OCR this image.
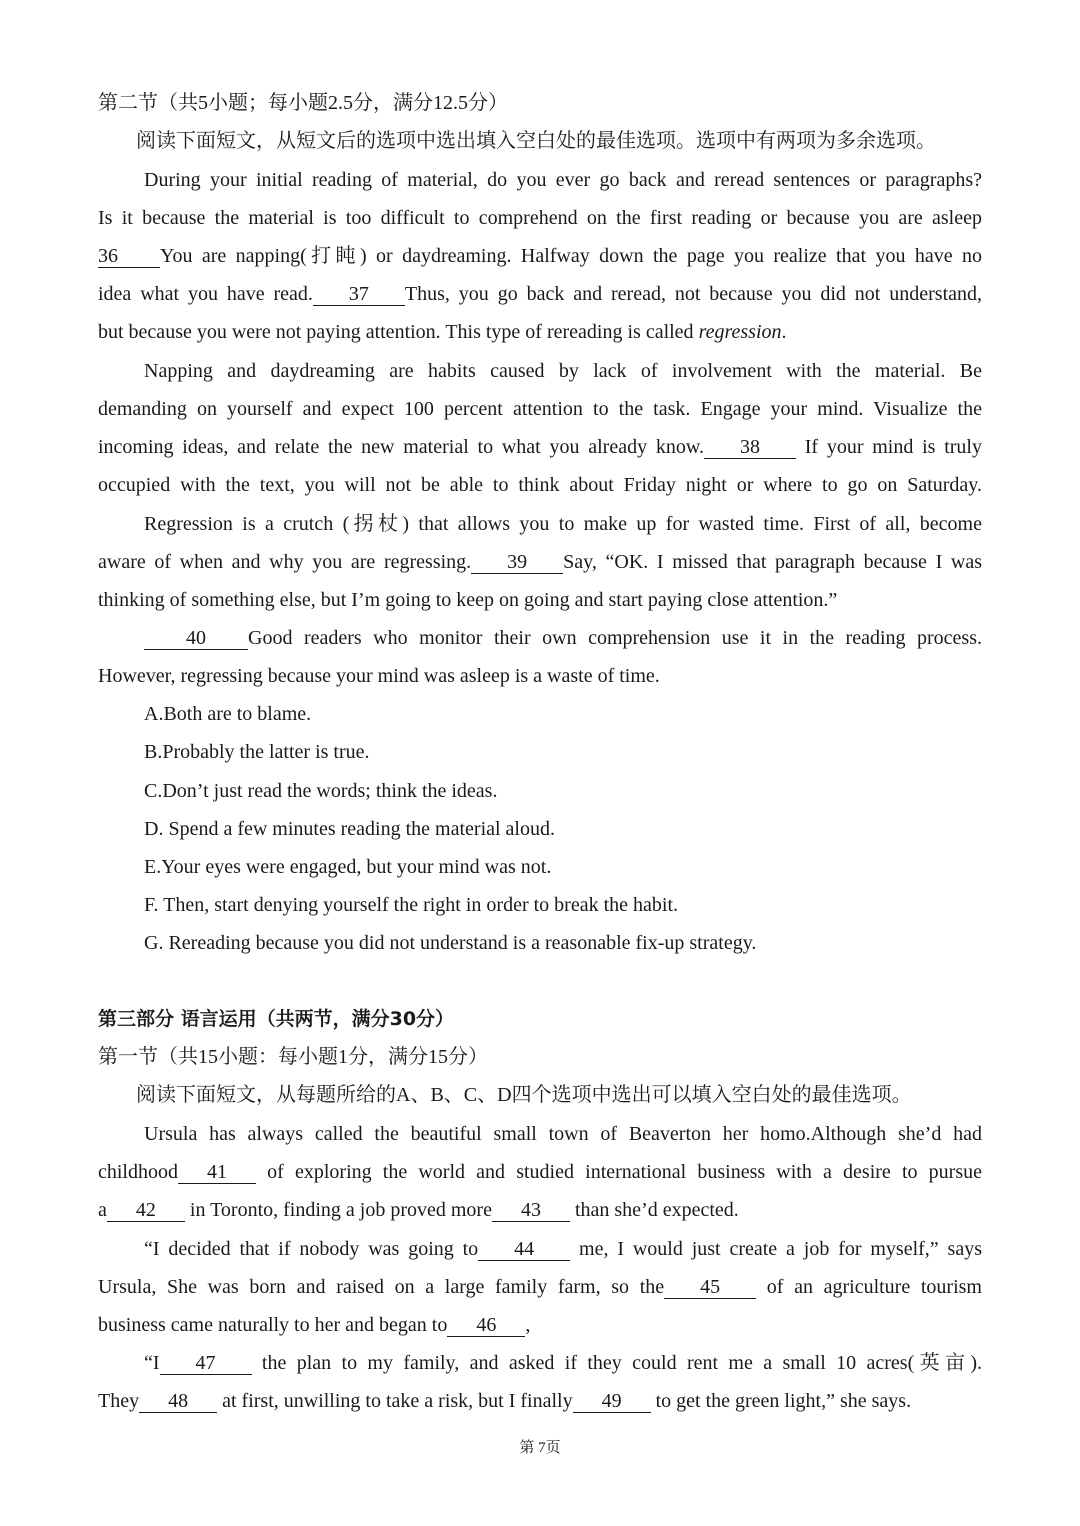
第二节（共5小题；每小题2.5分，满分12.5分）
阅读下面短文，从短文后的选项中选出填入空白处的最佳选项。选项中有两项为多余选项。
During your initial reading of material, do you ever go back and reread sentences or paragraphs?
Is it because the material is too difficult to comprehend on the first reading or because you are asleep
36 You are napping(打盹) or daydreaming. Halfway down the page you realize that you have no
idea what you have read. 37 Thus, you go back and reread, not because you did not understand,
but because you were not paying attention. This type of rereading is called regression.
Napping and daydreaming are habits caused by lack of involvement with the material. Be
demanding on yourself and expect 100 percent attention to the task. Engage your mind. Visualize the
incoming ideas, and relate the new material to what you already know. 38 If your mind is truly
occupied with the text, you will not be able to think about Friday night or where to go on Saturday.
Regression is a crutch (拐杖) that allows you to make up for wasted time. First of all, become
aware of when and why you are regressing. 39 Say, “OK. I missed that paragraph because I was
thinking of something else, but I’m going to keep on going and start paying close attention.”
40 Good readers who monitor their own comprehension use it in the reading process.
However, regressing because your mind was asleep is a waste of time.
A.Both are to blame.
B.Probably the latter is true.
C.Don’t just read the words; think the ideas.
D. Spend a few minutes reading the material aloud.
E.Your eyes were engaged, but your mind was not.
F. Then, start denying yourself the right in order to break the habit.
G. Rereading because you did not understand is a reasonable fix-up strategy.
第三部分 语言运用（共两节，满分30分）
第一节（共15小题：每小题1分，满分15分）
阅读下面短文，从每题所给的A、B、C、D四个选项中选出可以填入空白处的最佳选项。
Ursula has always called the beautiful small town of Beaverton her homo.Although she’d had
childhood 41 of exploring the world and studied international business with a desire to pursue
a 42 in Toronto, finding a job proved more 43 than she’d expected.
“I decided that if nobody was going to 44 me, I would just create a job for myself,” says
Ursula, She was born and raised on a large family farm, so the 45 of an agriculture tourism
business came naturally to her and began to 46 ,
“I 47 the plan to my family, and asked if they could rent me a small 10 acres(英亩).
They 48 at first, unwilling to take a risk, but I finally 49 to get the green light,” she says.
第 7页
